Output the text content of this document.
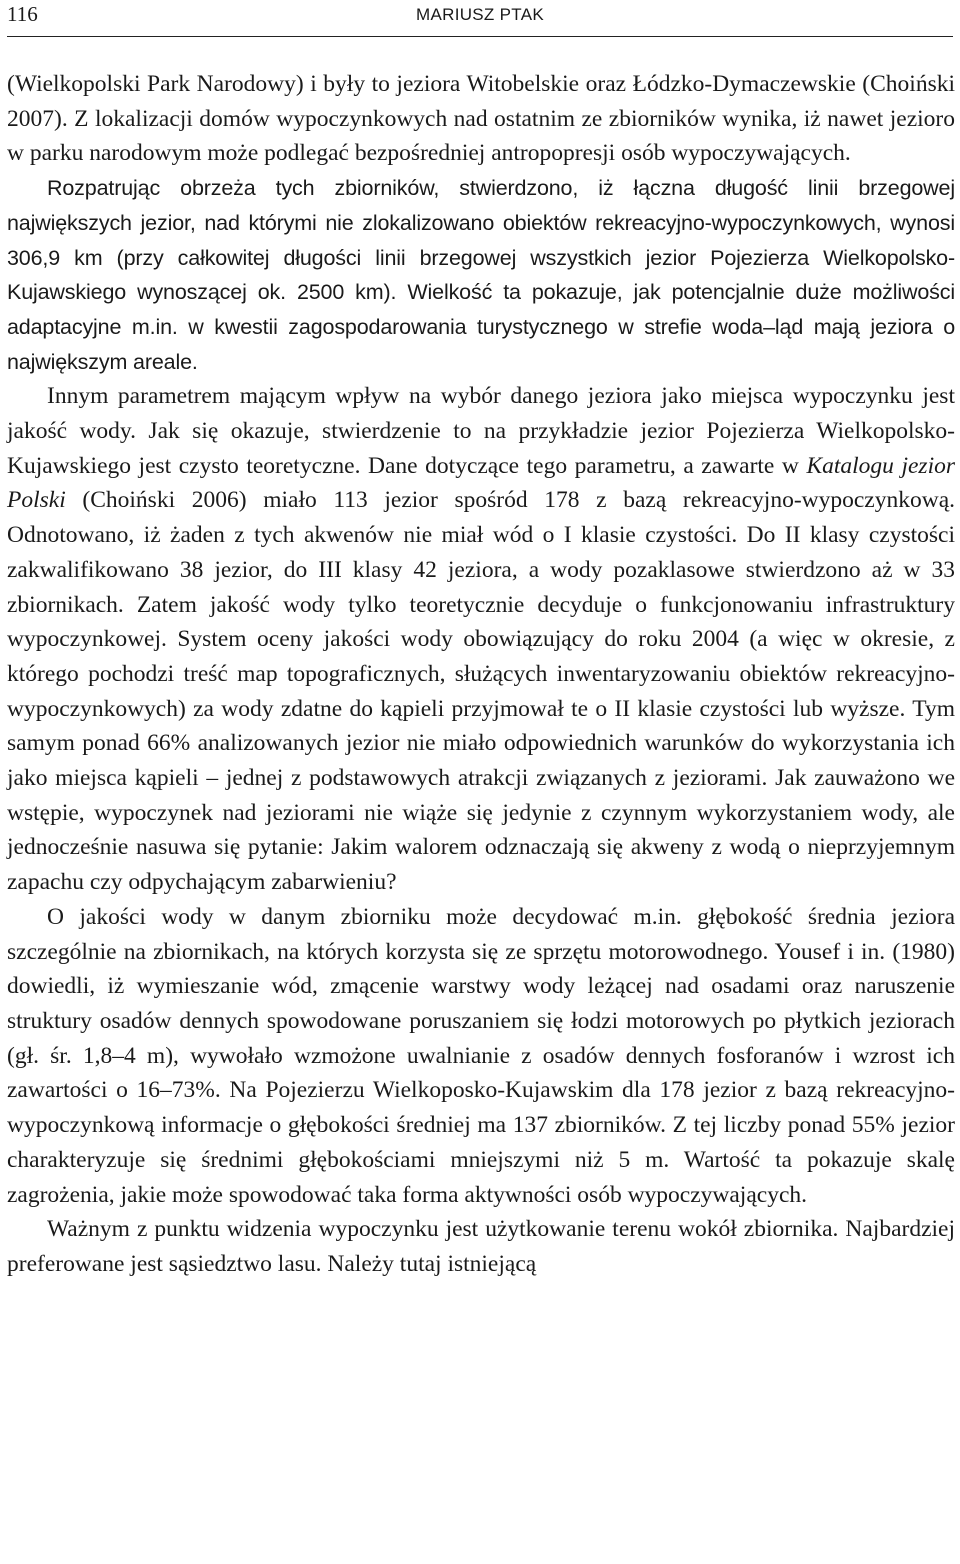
116	MARIUSZ PTAK

(Wielkopolski Park Narodowy) i były to jeziora Witobelskie oraz Łódzko-Dymaczewskie (Choiński 2007). Z lokalizacji domów wypoczynkowych nad ostatnim ze zbiorników wynika, iż nawet jezioro w parku narodowym może podlegać bezpośredniej antropopresji osób wypoczywających.

Rozpatrując obrzeża tych zbiorników, stwierdzono, iż łączna długość linii brzegowej największych jezior, nad którymi nie zlokalizowano obiektów rekreacyjno-wypoczynkowych, wynosi 306,9 km (przy całkowitej długości linii brzegowej wszystkich jezior Pojezierza Wielkopolsko-Kujawskiego wynoszącej ok. 2500 km). Wielkość ta pokazuje, jak potencjalnie duże możliwości adaptacyjne m.in. w kwestii zagospodarowania turystycznego w strefie woda–ląd mają jeziora o największym areale.

Innym parametrem mającym wpływ na wybór danego jeziora jako miejsca wypoczynku jest jakość wody. Jak się okazuje, stwierdzenie to na przykładzie jezior Pojezierza Wielkopolsko-Kujawskiego jest czysto teoretyczne. Dane dotyczące tego parametru, a zawarte w Katalogu jezior Polski (Choiński 2006) miało 113 jezior spośród 178 z bazą rekreacyjno-wypoczynkową. Odnotowano, iż żaden z tych akwenów nie miał wód o I klasie czystości. Do II klasy czystości zakwalifikowano 38 jezior, do III klasy 42 jeziora, a wody pozaklasowe stwierdzono aż w 33 zbiornikach. Zatem jakość wody tylko teoretycznie decyduje o funkcjonowaniu infrastruktury wypoczynkowej. System oceny jakości wody obowiązujący do roku 2004 (a więc w okresie, z którego pochodzi treść map topograficznych, służących inwentaryzowaniu obiektów rekreacyjno-wypoczynkowych) za wody zdatne do kąpieli przyjmował te o II klasie czystości lub wyższe. Tym samym ponad 66% analizowanych jezior nie miało odpowiednich warunków do wykorzystania ich jako miejsca kąpieli – jednej z podstawowych atrakcji związanych z jeziorami. Jak zauważono we wstępie, wypoczynek nad jeziorami nie wiąże się jedynie z czynnym wykorzystaniem wody, ale jednocześnie nasuwa się pytanie: Jakim walorem odznaczają się akweny z wodą o nieprzyjemnym zapachu czy odpychającym zabarwieniu?

O jakości wody w danym zbiorniku może decydować m.in. głębokość średnia jeziora szczególnie na zbiornikach, na których korzysta się ze sprzętu motorowodnego. Yousef i in. (1980) dowiedli, iż wymieszanie wód, zmącenie warstwy wody leżącej nad osadami oraz naruszenie struktury osadów dennych spowodowane poruszaniem się łodzi motorowych po płytkich jeziorach (gł. śr. 1,8–4 m), wywołało wzmożone uwalnianie z osadów dennych fosforanów i wzrost ich zawartości o 16–73%. Na Pojezierzu Wielkoposko-Kujawskim dla 178 jezior z bazą rekreacyjno-wypoczynkową informacje o głębokości średniej ma 137 zbiorników. Z tej liczby ponad 55% jezior charakteryzuje się średnimi głębokościami mniejszymi niż 5 m. Wartość ta pokazuje skalę zagrożenia, jakie może spowodować taka forma aktywności osób wypoczywających.

Ważnym z punktu widzenia wypoczynku jest użytkowanie terenu wokół zbiornika. Najbardziej preferowane jest sąsiedztwo lasu. Należy tutaj istniejącą
